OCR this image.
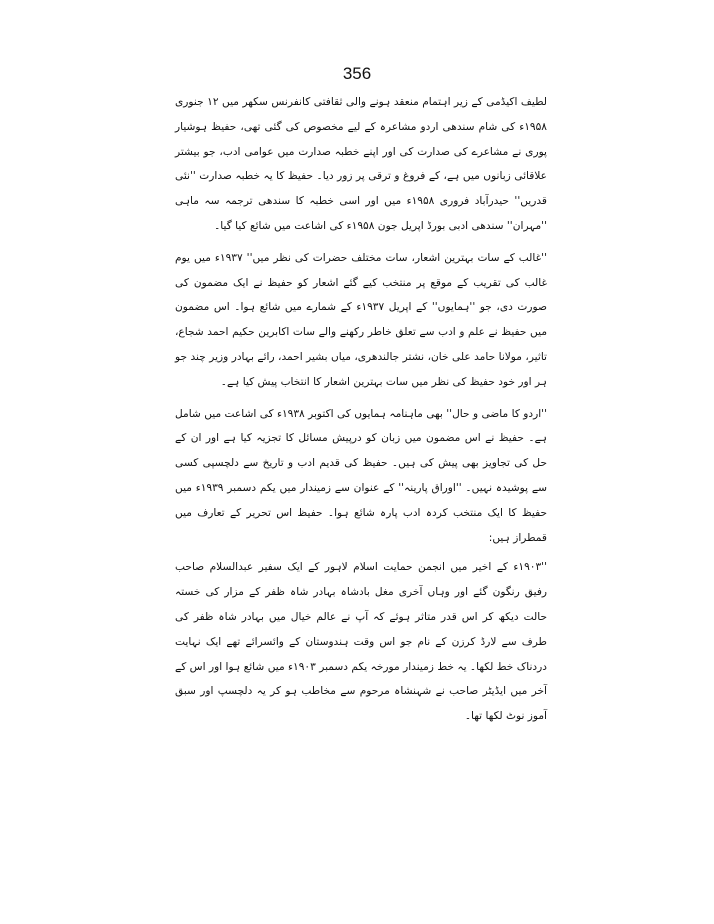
356

لطیف اکیڈمی کے زیر اہتمام منعقد ہونے والی ثقافتی کانفرنس سکھر میں ۱۲ جنوری ۱۹۵۸ء کی شام سندھی اردو مشاعرہ کے لیے مخصوص کی گئی تھی، حفیظ ہوشیار پوری نے مشاعرے کی صدارت کی اور اپنے خطبہ صدارت میں عوامی ادب، جو بیشتر علاقائی زبانوں میں ہے، کے فروغ و ترقی پر زور دیا۔ حفیظ کا یہ خطبہ صدارت ''نئی قدریں'' حیدرآباد فروری ۱۹۵۸ء میں اور اسی خطبہ کا سندھی ترجمہ سہ ماہی ''مہران'' سندھی ادبی بورڈ اپریل جون ۱۹۵۸ء کی اشاعت میں شائع کیا گیا۔

''غالب کے سات بہترین اشعار، سات مختلف حضرات کی نظر میں'' ۱۹۳۷ء میں یوم غالب کی تقریب کے موقع پر منتخب کیے گئے اشعار کو حفیظ نے ایک مضمون کی صورت دی، جو ''ہمایوں'' کے اپریل ۱۹۳۷ء کے شمارے میں شائع ہوا۔ اس مضمون میں حفیظ نے علم و ادب سے تعلق خاطر رکھنے والے سات اکابرین حکیم احمد شجاع، تاثیر، مولانا حامد علی خان، نشتر جالندھری، میاں بشیر احمد، رائے بہادر وزیر چند جو ہر اور خود حفیظ کی نظر میں سات بہترین اشعار کا انتخاب پیش کیا ہے۔

''اردو کا ماضی و حال'' بھی ماہنامہ ہمایوں کی اکتوبر ۱۹۳۸ء کی اشاعت میں شامل ہے۔ حفیظ نے اس مضمون میں زبان کو درپیش مسائل کا تجزیہ کیا ہے اور ان کے حل کی تجاویز بھی پیش کی ہیں۔ حفیظ کی قدیم ادب و تاریخ سے دلچسپی کسی سے پوشیدہ نہیں۔ ''اوراق پارینہ'' کے عنوان سے زمیندار میں یکم دسمبر ۱۹۳۹ء میں حفیظ کا ایک منتخب کردہ ادب پارہ شائع ہوا۔ حفیظ اس تحریر کے تعارف میں قمطراز ہیں:

''۱۹۰۳ء کے اخیر میں انجمن حمایت اسلام لاہور کے ایک سفیر عبدالسلام صاحب رفیق رنگون گئے اور وہاں آخری مغل بادشاہ بہادر شاہ ظفر کے مزار کی خستہ حالت دیکھ کر اس قدر متاثر ہوئے کہ آپ نے عالم خیال میں بہادر شاہ ظفر کی طرف سے لارڈ کرزن کے نام جو اس وقت ہندوستان کے وائسرائے تھے ایک نہایت دردناک خط لکھا۔ یہ خط زمیندار مورخہ یکم دسمبر ۱۹۰۳ء میں شائع ہوا اور اس کے آخر میں ایڈیٹر صاحب نے شہنشاہ مرحوم سے مخاطب ہو کر یہ دلچسپ اور سبق آموز نوٹ لکھا تھا۔
